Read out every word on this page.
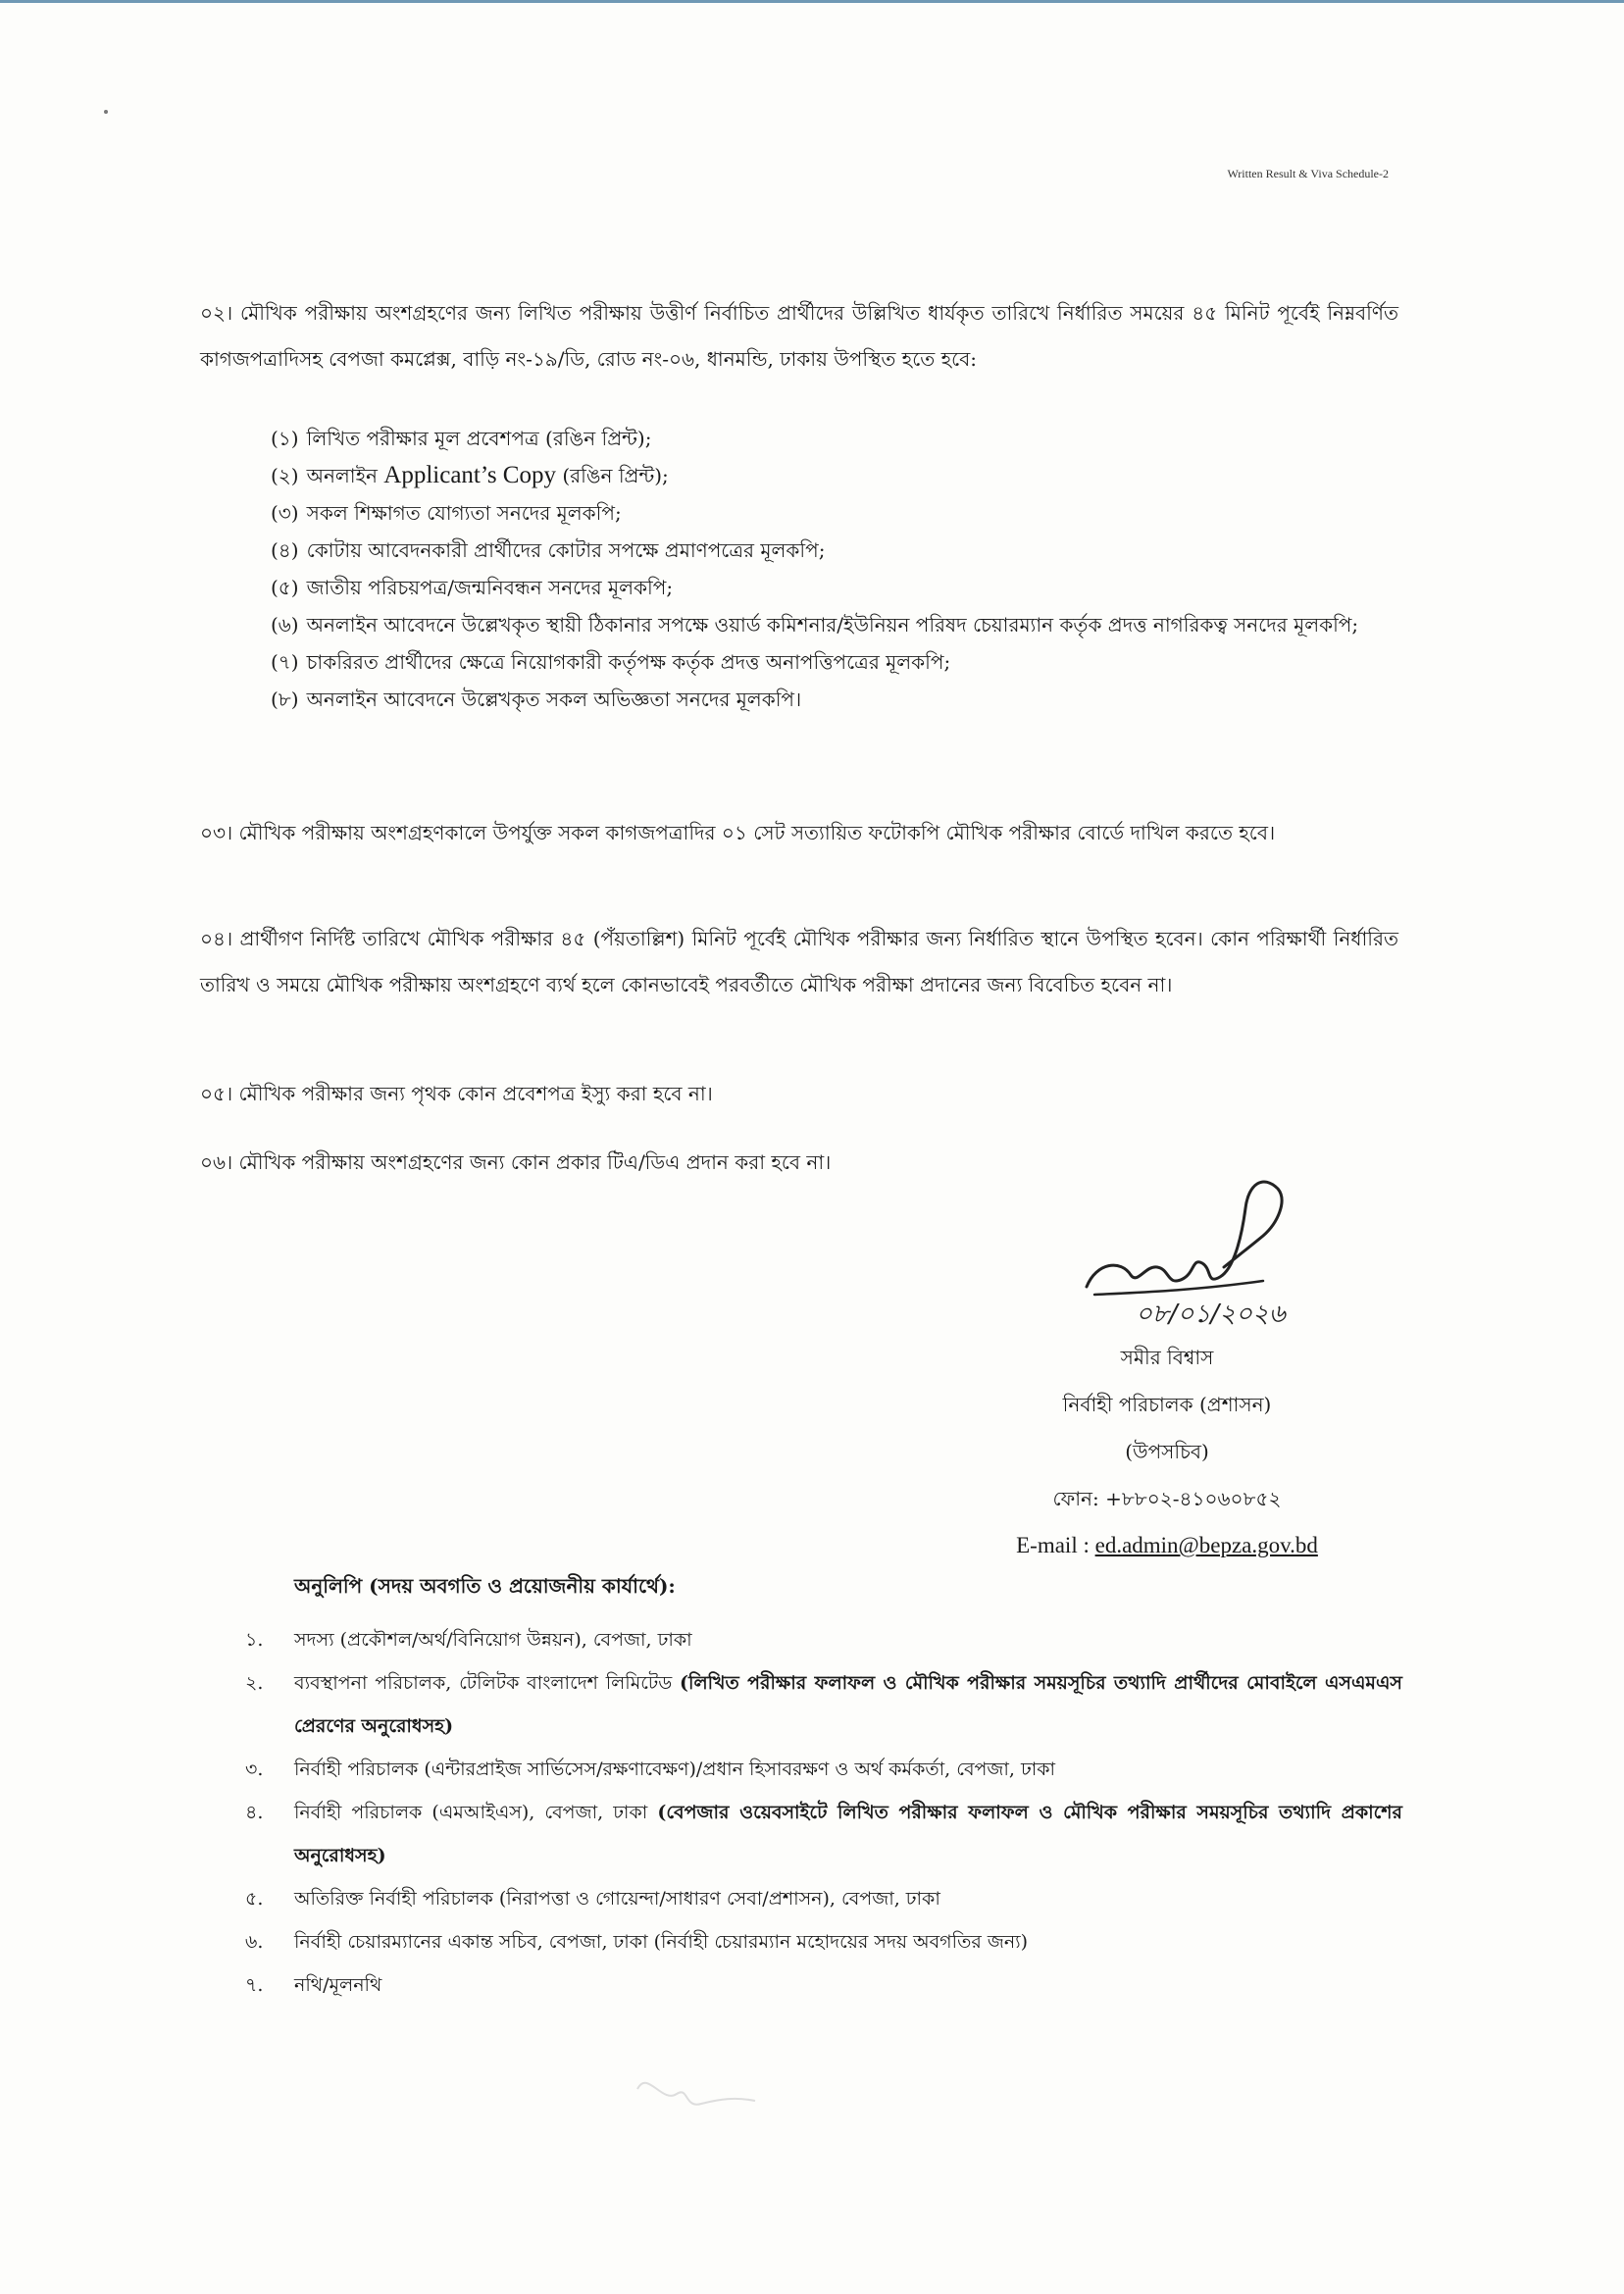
Written Result & Viva Schedule-2

০২। মৌখিক পরীক্ষায় অংশগ্রহণের জন্য লিখিত পরীক্ষায় উত্তীর্ণ নির্বাচিত প্রার্থীদের উল্লিখিত ধার্যকৃত তারিখে নির্ধারিত সময়ের ৪৫ মিনিট পূর্বেই নিম্নবর্ণিত কাগজপত্রাদিসহ বেপজা কমপ্লেক্স, বাড়ি নং-১৯/ডি, রোড নং-০৬, ধানমন্ডি, ঢাকায় উপস্থিত হতে হবে:

(১) লিখিত পরীক্ষার মূল প্রবেশপত্র (রঙিন প্রিন্ট);
(২) অনলাইন Applicant’s Copy (রঙিন প্রিন্ট);
(৩) সকল শিক্ষাগত যোগ্যতা সনদের মূলকপি;
(৪) কোটায় আবেদনকারী প্রার্থীদের কোটার সপক্ষে প্রমাণপত্রের মূলকপি;
(৫) জাতীয় পরিচয়পত্র/জন্মনিবন্ধন সনদের মূলকপি;
(৬) অনলাইন আবেদনে উল্লেখকৃত স্থায়ী ঠিকানার সপক্ষে ওয়ার্ড কমিশনার/ইউনিয়ন পরিষদ চেয়ারম্যান কর্তৃক প্রদত্ত নাগরিকত্ব সনদের মূলকপি;
(৭) চাকরিরত প্রার্থীদের ক্ষেত্রে নিয়োগকারী কর্তৃপক্ষ কর্তৃক প্রদত্ত অনাপত্তিপত্রের মূলকপি;
(৮) অনলাইন আবেদনে উল্লেখকৃত সকল অভিজ্ঞতা সনদের মূলকপি।

০৩। মৌখিক পরীক্ষায় অংশগ্রহণকালে উপর্যুক্ত সকল কাগজপত্রাদির ০১ সেট সত্যায়িত ফটোকপি মৌখিক পরীক্ষার বোর্ডে দাখিল করতে হবে।

০৪। প্রার্থীগণ নির্দিষ্ট তারিখে মৌখিক পরীক্ষার ৪৫ (পঁয়তাল্লিশ) মিনিট পূর্বেই মৌখিক পরীক্ষার জন্য নির্ধারিত স্থানে উপস্থিত হবেন। কোন পরিক্ষার্থী নির্ধারিত তারিখ ও সময়ে মৌখিক পরীক্ষায় অংশগ্রহণে ব্যর্থ হলে কোনভাবেই পরবর্তীতে মৌখিক পরীক্ষা প্রদানের জন্য বিবেচিত হবেন না।

০৫। মৌখিক পরীক্ষার জন্য পৃথক কোন প্রবেশপত্র ইস্যু করা হবে না।

০৬। মৌখিক পরীক্ষায় অংশগ্রহণের জন্য কোন প্রকার টিএ/ডিএ প্রদান করা হবে না।

০৮/০১/২০২৬
সমীর বিশ্বাস
নির্বাহী পরিচালক (প্রশাসন)
(উপসচিব)
ফোন: +৮৮০২-৪১০৬০৮৫২
E-mail : ed.admin@bepza.gov.bd
অনুলিপি (সদয় অবগতি ও প্রয়োজনীয় কার্যার্থে):
১.	সদস্য (প্রকৌশল/অর্থ/বিনিয়োগ উন্নয়ন), বেপজা, ঢাকা
২.	ব্যবস্থাপনা পরিচালক, টেলিটক বাংলাদেশ লিমিটেড (লিখিত পরীক্ষার ফলাফল ও মৌখিক পরীক্ষার সময়সূচির তথ্যাদি প্রার্থীদের মোবাইলে এসএমএস প্রেরণের অনুরোধসহ)
৩.	নির্বাহী পরিচালক (এন্টারপ্রাইজ সার্ভিসেস/রক্ষণাবেক্ষণ)/প্রধান হিসাবরক্ষণ ও অর্থ কর্মকর্তা, বেপজা, ঢাকা
৪.	নির্বাহী পরিচালক (এমআইএস), বেপজা, ঢাকা (বেপজার ওয়েবসাইটে লিখিত পরীক্ষার ফলাফল ও মৌখিক পরীক্ষার সময়সূচির তথ্যাদি প্রকাশের অনুরোধসহ)
৫.	অতিরিক্ত নির্বাহী পরিচালক (নিরাপত্তা ও গোয়েন্দা/সাধারণ সেবা/প্রশাসন), বেপজা, ঢাকা
৬.	নির্বাহী চেয়ারম্যানের একান্ত সচিব, বেপজা, ঢাকা (নির্বাহী চেয়ারম্যান মহোদয়ের সদয় অবগতির জন্য)
৭.	নথি/মূলনথি
